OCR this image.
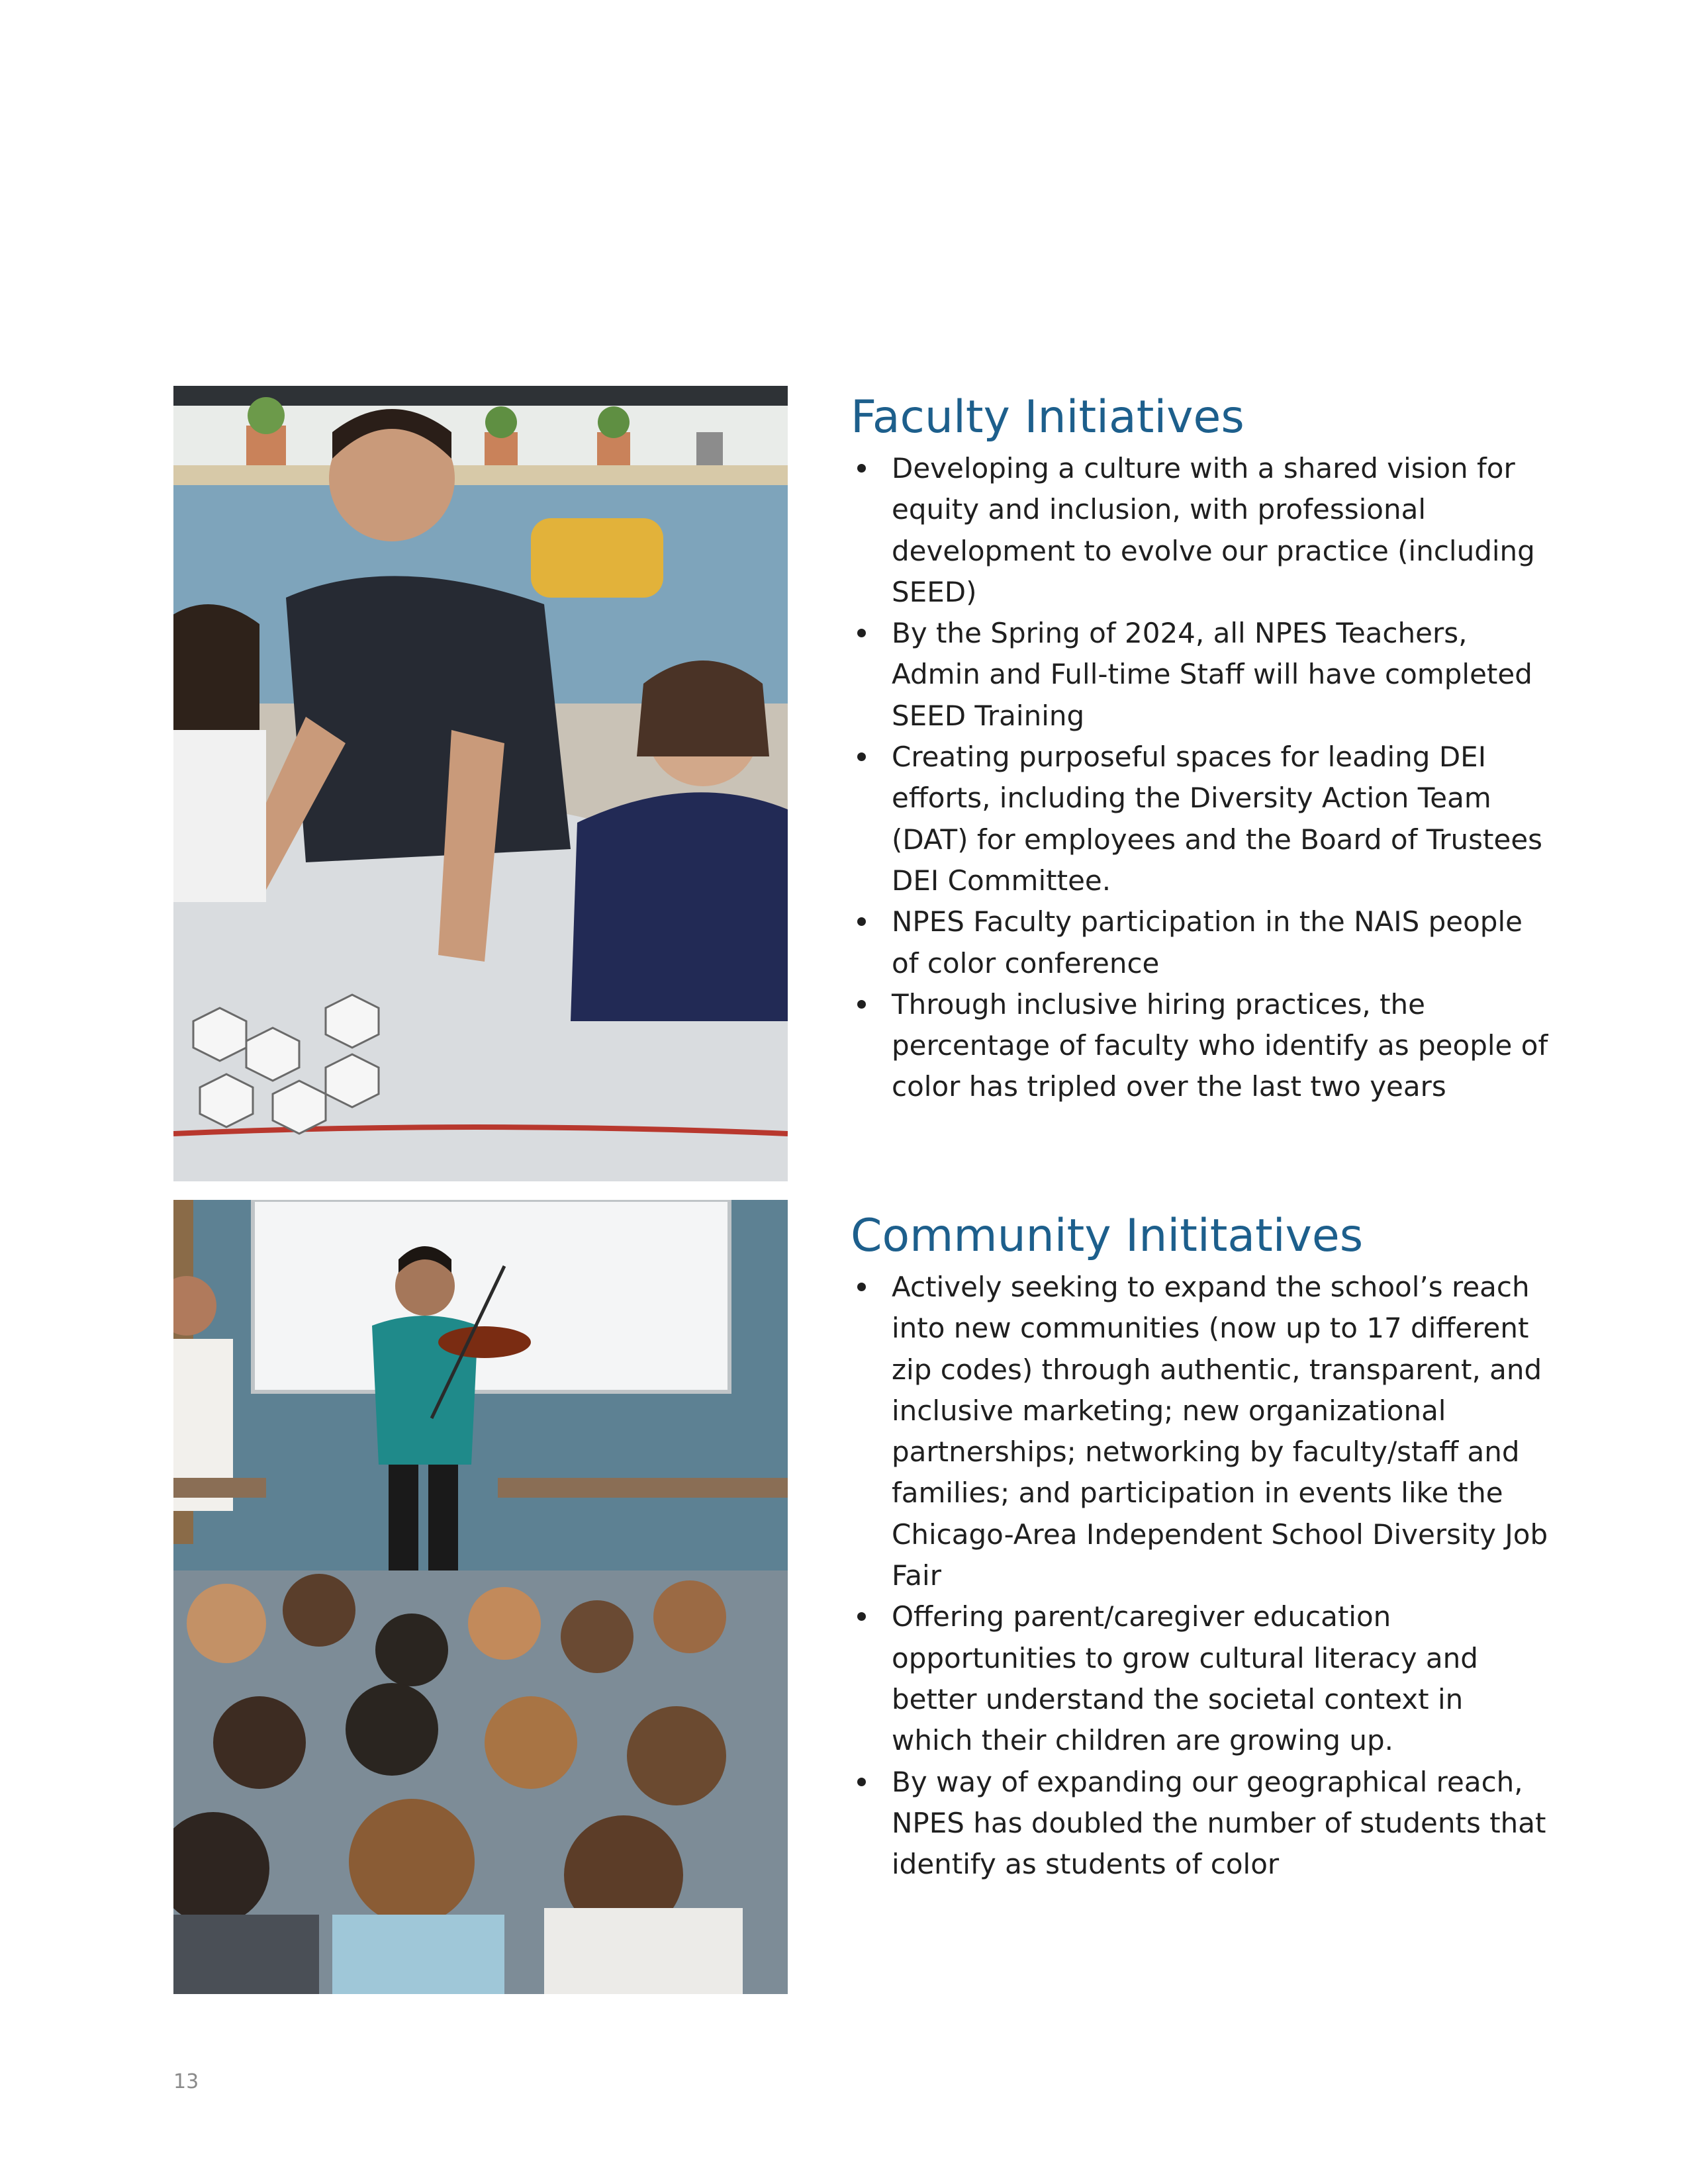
Faculty Initiatives
Developing a culture with a shared vision for equity and inclusion, with professional development to evolve our practice (including SEED)
By the Spring of 2024, all NPES Teachers, Admin and Full-time Staff will have completed SEED Training
Creating purposeful spaces for leading DEI efforts, including the Diversity Action Team (DAT) for employees and the Board of Trustees DEI Committee.
NPES Faculty participation in the NAIS people of color conference
Through inclusive hiring practices, the percentage of faculty who identify as people of color has tripled over the last two years
Community Inititatives
Actively seeking to expand the school’s reach into new communities (now up to 17 different zip codes) through authentic, transparent, and inclusive marketing; new organizational partnerships; networking by faculty/staff and families; and participation in events like the Chicago-Area Independent School Diversity Job Fair
Offering parent/caregiver education opportunities to grow cultural literacy and better understand the societal context in which their children are growing up.
By way of expanding our geographical reach, NPES has doubled the number of students that identify as students of color
13
